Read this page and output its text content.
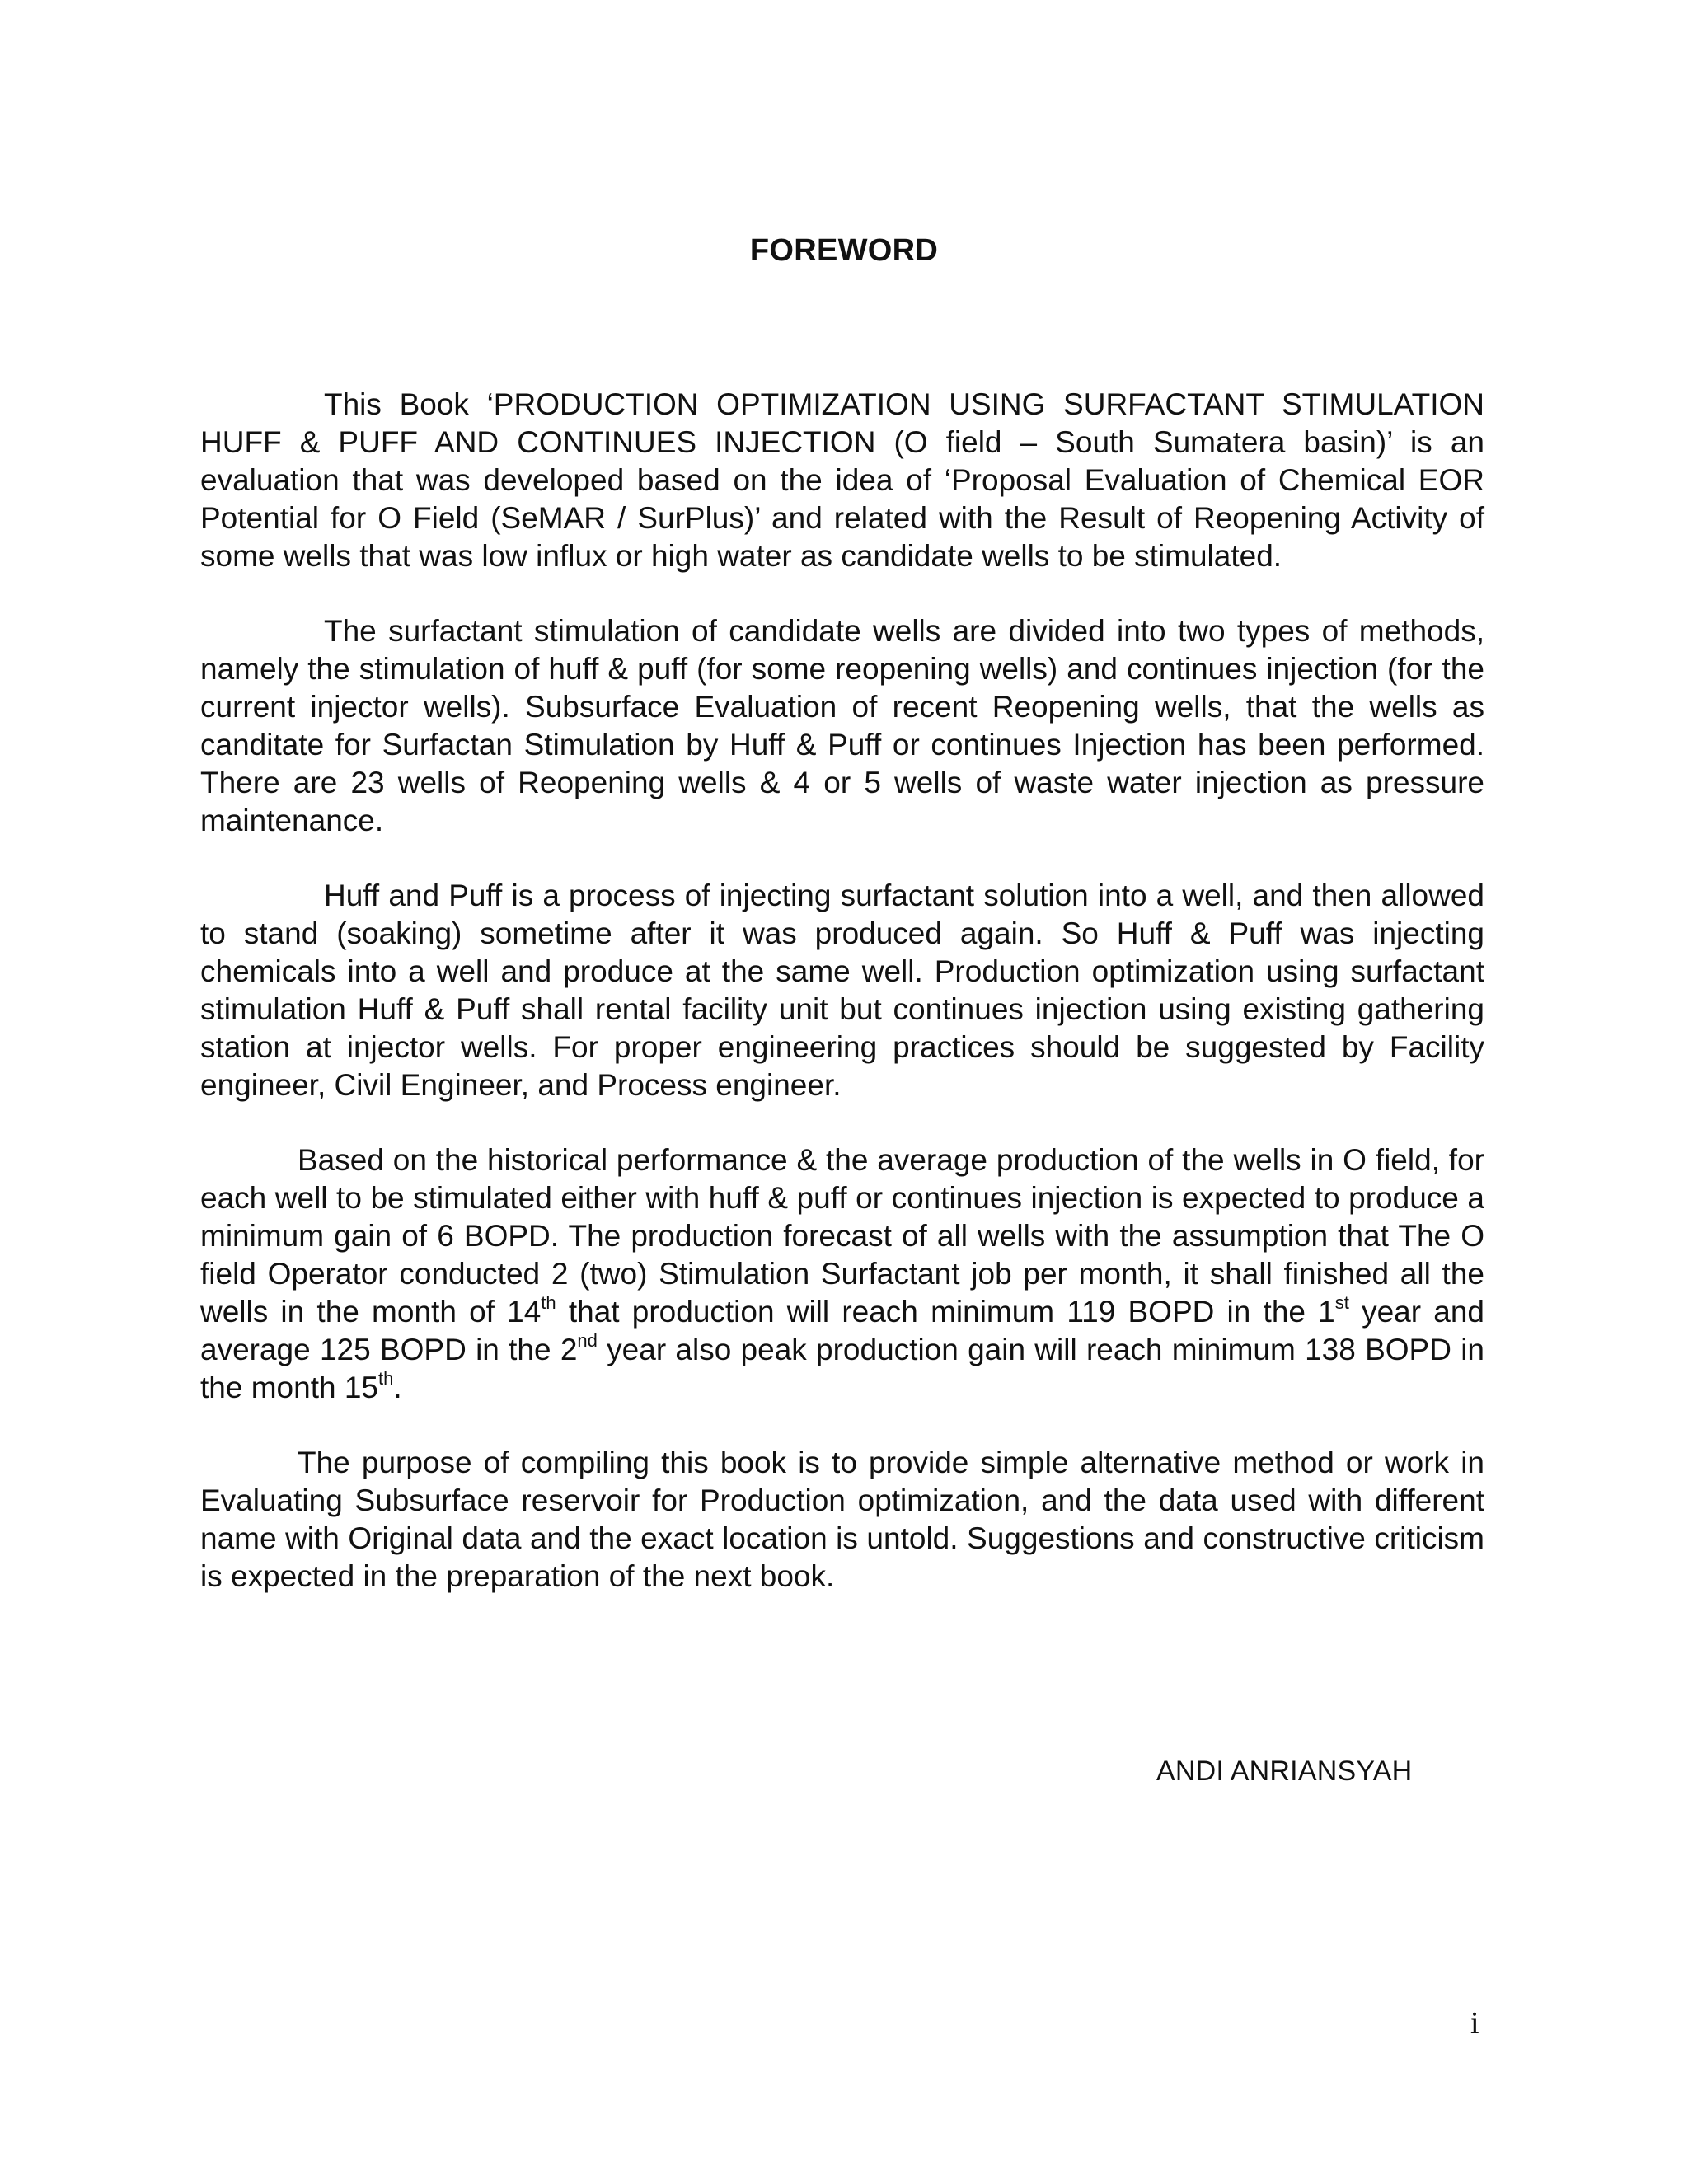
FOREWORD

This Book ‘PRODUCTION OPTIMIZATION USING SURFACTANT STIMULATION HUFF & PUFF AND CONTINUES INJECTION (O field – South Sumatera basin)’ is an evaluation that was developed based on the idea of ‘Proposal Evaluation of Chemical EOR Potential for O Field (SeMAR / SurPlus)’ and related with the Result of Reopening Activity of some wells that was low influx or high water as candidate wells to be stimulated.

The surfactant stimulation of candidate wells are divided into two types of methods, namely the stimulation of huff & puff (for some reopening wells) and continues injection (for the current injector wells). Subsurface Evaluation of recent Reopening wells, that the wells as canditate for Surfactan Stimulation by Huff & Puff or continues Injection has been performed. There are 23 wells of Reopening wells & 4 or 5 wells of waste water injection as pressure maintenance.

Huff and Puff is a process of injecting surfactant solution into a well, and then allowed to stand (soaking) sometime after it was produced again. So Huff & Puff was injecting chemicals into a well and produce at the same well. Production optimization using surfactant stimulation Huff & Puff shall rental facility unit but continues injection using existing gathering station at injector wells. For proper engineering practices should be suggested by Facility engineer, Civil Engineer, and Process engineer.

Based on the historical performance & the average production of the wells in O field, for each well to be stimulated either with huff & puff or continues injection is expected to produce a minimum gain of 6 BOPD. The production forecast of all wells with the assumption that The O field Operator conducted 2 (two) Stimulation Surfactant job per month, it shall finished all the wells in the month of 14th that production will reach minimum 119 BOPD in the 1st year and average 125 BOPD in the 2nd year also peak production gain will reach minimum 138 BOPD in the month 15th.

The purpose of compiling this book is to provide simple alternative method or work in Evaluating Subsurface reservoir for Production optimization, and the data used with different name with Original data and the exact location is untold. Suggestions and constructive criticism is expected in the preparation of the next book.

ANDI ANRIANSYAH
i
